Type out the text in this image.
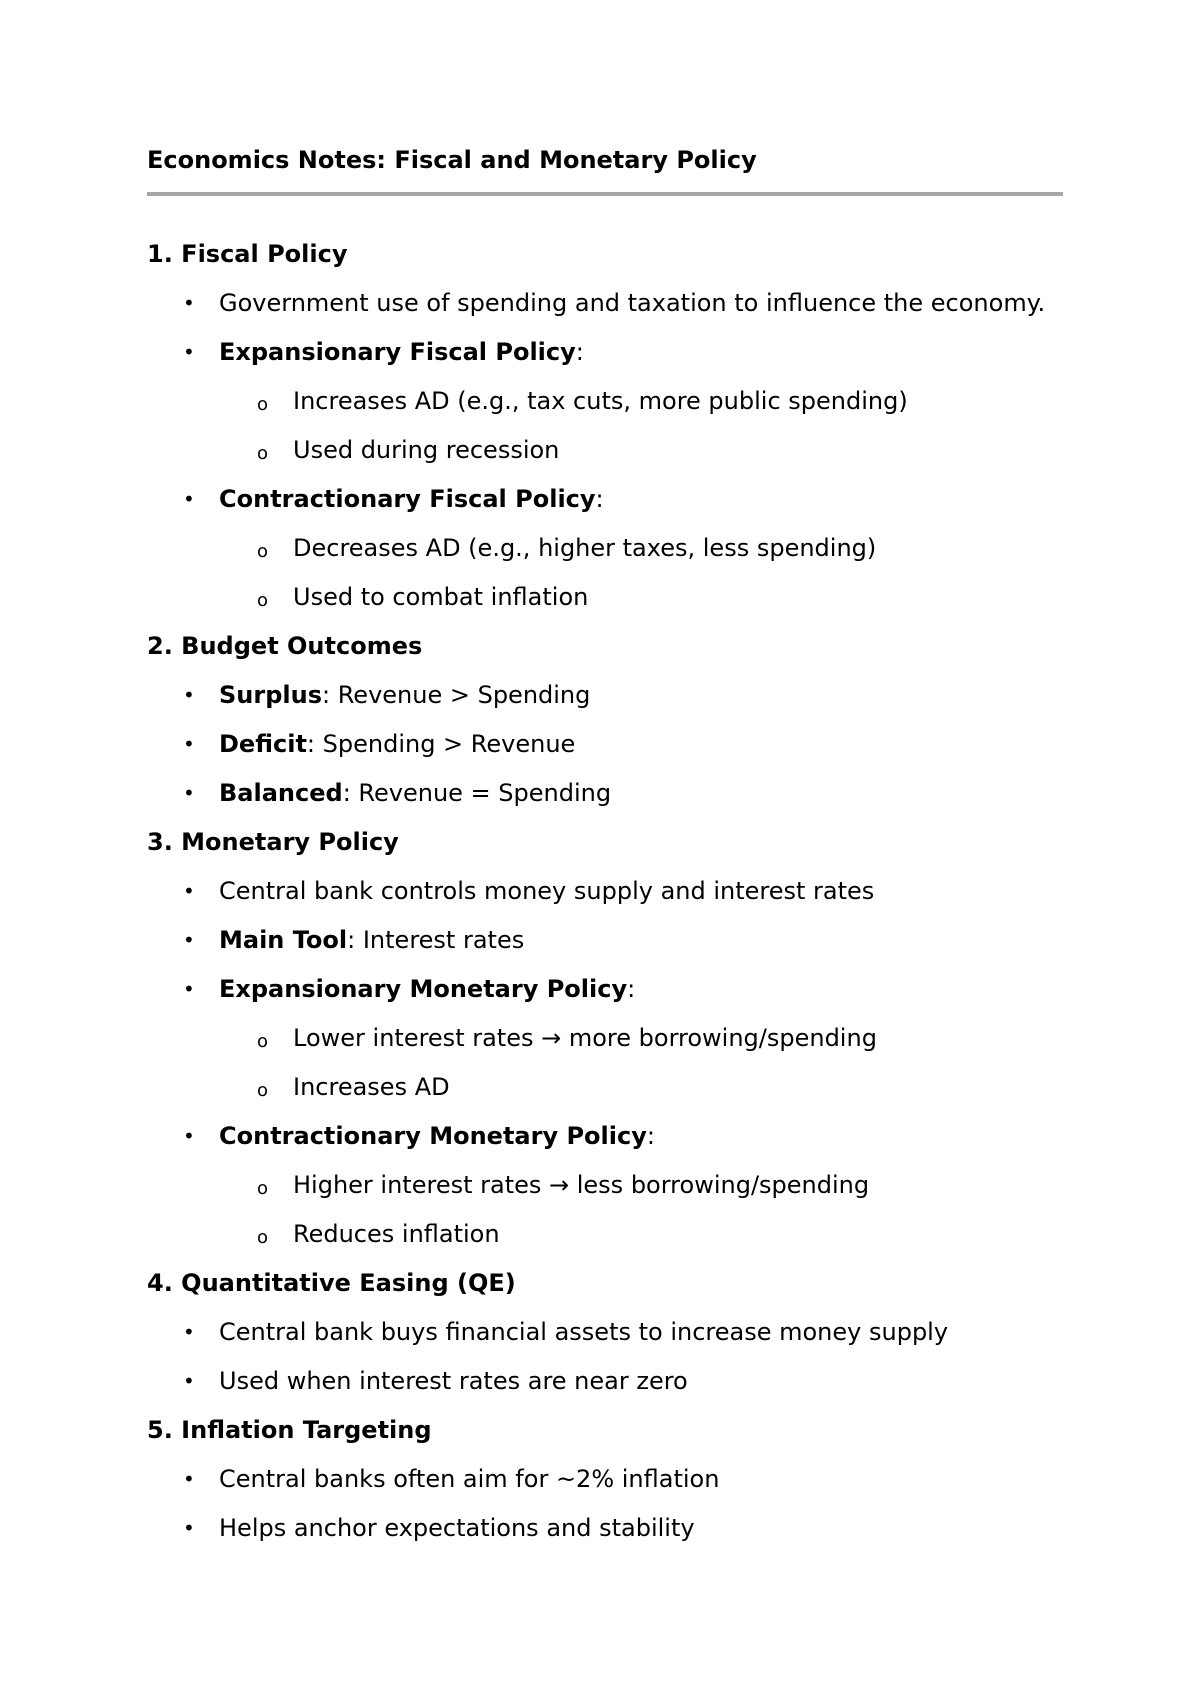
Economics Notes: Fiscal and Monetary Policy
1. Fiscal Policy
• Government use of spending and taxation to influence the economy.
• Expansionary Fiscal Policy:
o Increases AD (e.g., tax cuts, more public spending)
o Used during recession
• Contractionary Fiscal Policy:
o Decreases AD (e.g., higher taxes, less spending)
o Used to combat inflation
2. Budget Outcomes
• Surplus: Revenue > Spending
• Deficit: Spending > Revenue
• Balanced: Revenue = Spending
3. Monetary Policy
• Central bank controls money supply and interest rates
• Main Tool: Interest rates
• Expansionary Monetary Policy:
o Lower interest rates → more borrowing/spending
o Increases AD
• Contractionary Monetary Policy:
o Higher interest rates → less borrowing/spending
o Reduces inflation
4. Quantitative Easing (QE)
• Central bank buys financial assets to increase money supply
• Used when interest rates are near zero
5. Inflation Targeting
• Central banks often aim for ~2% inflation
• Helps anchor expectations and stability
